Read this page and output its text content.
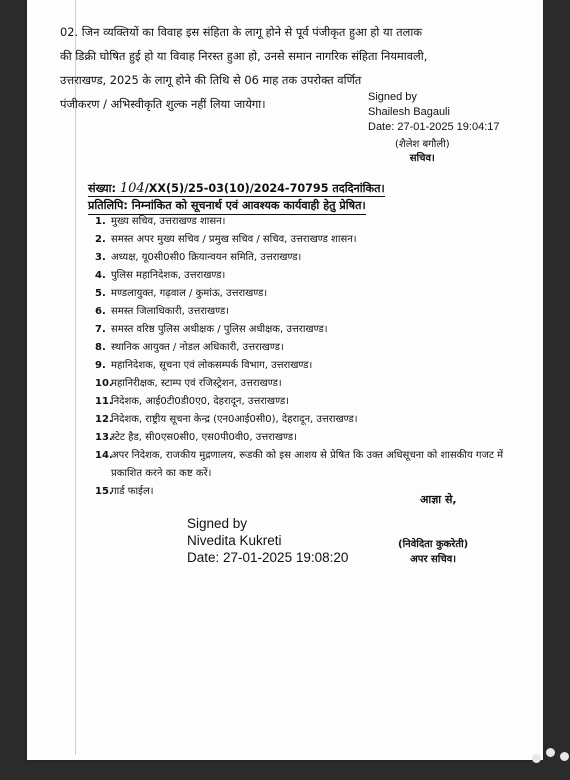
02. जिन व्यक्तियों का विवाह इस संहिता के लागू होने से पूर्व पंजीकृत हुआ हो या तलाक
की डिक्री घोषित हुई हो या विवाह निरस्त हुआ हो, उनसे समान नागरिक संहिता नियमावली,
उत्तराखण्ड, 2025 के लागू होने की तिथि से 06 माह तक उपरोक्त वर्णित
पंजीकरण / अभिस्वीकृति शुल्क नहीं लिया जायेगा।	Signed by
Shailesh Bagauli
Date: 27-01-2025 19:04:17
(शैलेश बगौली)
सचिव।
संख्या: 104/XX(5)/25-03(10)/2024-70795 तददिनांकित।
प्रतिलिपि: निम्नांकित को सूचनार्थ एवं आवश्यक कार्यवाही हेतु प्रेषित।
1. मुख्य सचिव, उत्तराखण्ड शासन।
2. समस्त अपर मुख्य सचिव / प्रमुख सचिव / सचिव, उत्तराखण्ड शासन।
3. अध्यक्ष, यू0सी0सी0 क्रियान्वयन समिति, उत्तराखण्ड।
4. पुलिस महानिदेशक, उत्तराखण्ड।
5. मण्डलायुक्त, गढ़वाल / कुमांऊ, उत्तराखण्ड।
6. समस्त जिलाधिकारी, उत्तराखण्ड।
7. समस्त वरिष्ठ पुलिस अधीक्षक / पुलिस अधीक्षक, उत्तराखण्ड।
8. स्थानिक आयुक्त / नोडल अधिकारी, उत्तराखण्ड।
9. महानिदेशक, सूचना एवं लोकसम्पर्क विभाग, उत्तराखण्ड।
10.
महानिरीक्षक, स्टाम्प एवं रजिस्ट्रेशन, उत्तराखण्ड।
11.
निदेशक, आई0टी0डी0ए0, देहरादून, उत्तराखण्ड।
12.
निदेशक, राष्ट्रीय सूचना केन्द्र (एन0आई0सी0), देहरादून, उत्तराखण्ड।
13.
स्टेट हैड, सी0एस0सी0, एस0पी0वी0, उत्तराखण्ड।
14.
अपर निदेशक, राजकीय मुद्रणालय, रूडकी को इस आशय से प्रेषित कि उक्त अधिसूचना को शासकीय गजट में प्रकाशित करने का कष्ट करें।
15.
गार्ड फाईल।
आज्ञा से,
Signed by
Nivedita Kukreti
Date: 27-01-2025 19:08:20
(निवेदिता कुकरेती)
अपर सचिव।
